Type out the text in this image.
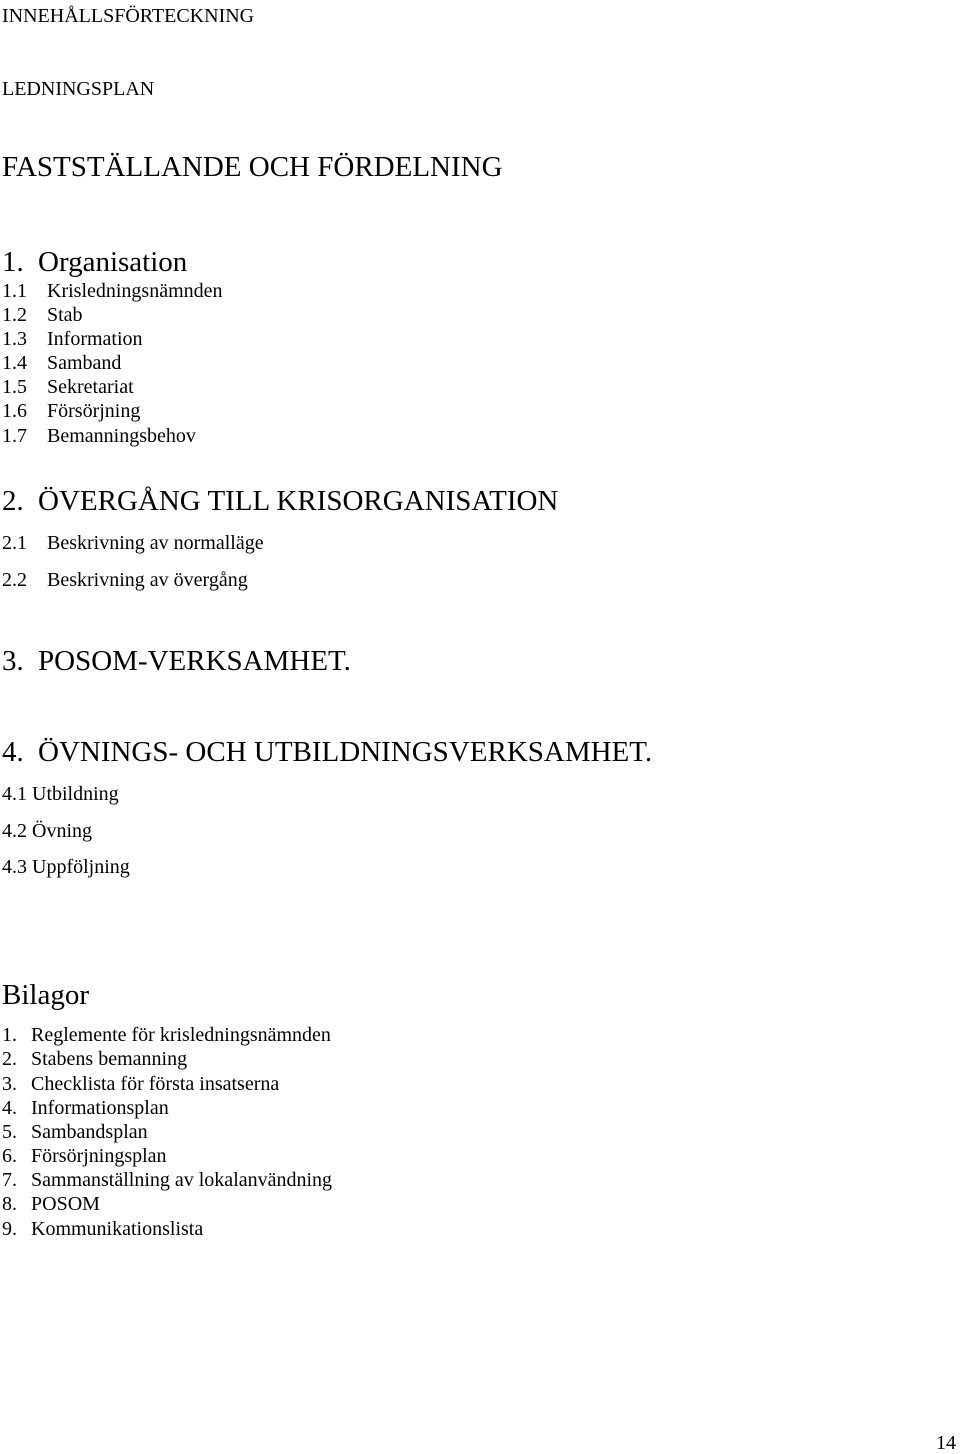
INNEHÅLLSFÖRTECKNING
LEDNINGSPLAN
FASTSTÄLLANDE OCH FÖRDELNING
1. Organisation
1.1 Krisledningsnämnden
1.2 Stab
1.3 Information
1.4 Samband
1.5 Sekretariat
1.6 Försörjning
1.7 Bemanningsbehov
2. ÖVERGÅNG TILL KRISORGANISATION
2.1 Beskrivning av normalläge
2.2 Beskrivning av övergång
3. POSOM-VERKSAMHET.
4. ÖVNINGS- OCH UTBILDNINGSVERKSAMHET.
4.1 Utbildning
4.2 Övning
4.3 Uppföljning
Bilagor
1. Reglemente för krisledningsnämnden
2. Stabens bemanning
3. Checklista för första insatserna
4. Informationsplan
5. Sambandsplan
6. Försörjningsplan
7. Sammanställning av lokalanvändning
8. POSOM
9. Kommunikationslista
14
